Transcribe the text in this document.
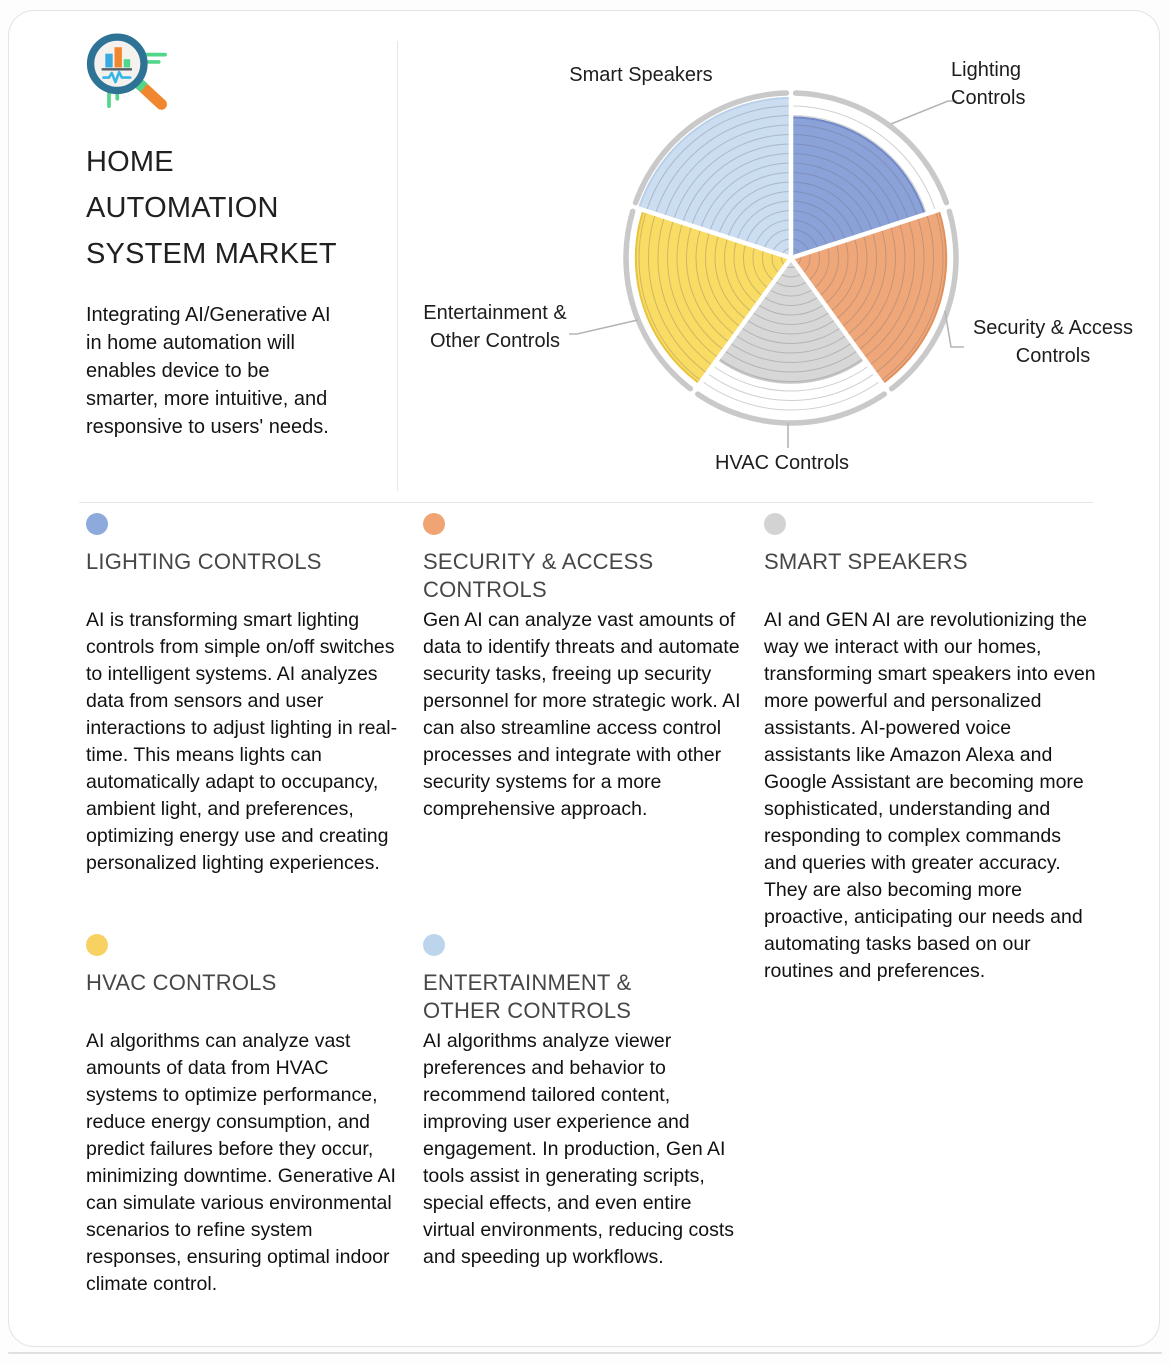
HOME AUTOMATION SYSTEM MARKET

Integrating AI/Generative AI in home automation will enables device to be smarter, more intuitive, and responsive to users' needs.

Lighting Controls
Security & Access Controls
HVAC Controls
Entertainment & Other Controls
Smart Speakers
LIGHTING CONTROLS

AI is transforming smart lighting controls from simple on/off switches to intelligent systems. AI analyzes data from sensors and user interactions to adjust lighting in real-time. This means lights can automatically adapt to occupancy, ambient light, and preferences, optimizing energy use and creating personalized lighting experiences.

HVAC CONTROLS

AI algorithms can analyze vast amounts of data from HVAC systems to optimize performance, reduce energy consumption, and predict failures before they occur, minimizing downtime. Generative AI can simulate various environmental scenarios to refine system responses, ensuring optimal indoor climate control.

SECURITY & ACCESS CONTROLS

Gen AI can analyze vast amounts of data to identify threats and automate security tasks, freeing up security personnel for more strategic work. AI can also streamline access control processes and integrate with other security systems for a more comprehensive approach.

ENTERTAINMENT & OTHER CONTROLS

AI algorithms analyze viewer preferences and behavior to recommend tailored content, improving user experience and engagement. In production, Gen AI tools assist in generating scripts, special effects, and even entire virtual environments, reducing costs and speeding up workflows.

SMART SPEAKERS

AI and GEN AI are revolutionizing the way we interact with our homes, transforming smart speakers into even more powerful and personalized assistants. AI-powered voice assistants like Amazon Alexa and Google Assistant are becoming more sophisticated, understanding and responding to complex commands and queries with greater accuracy. They are also becoming more proactive, anticipating our needs and automating tasks based on our routines and preferences.
